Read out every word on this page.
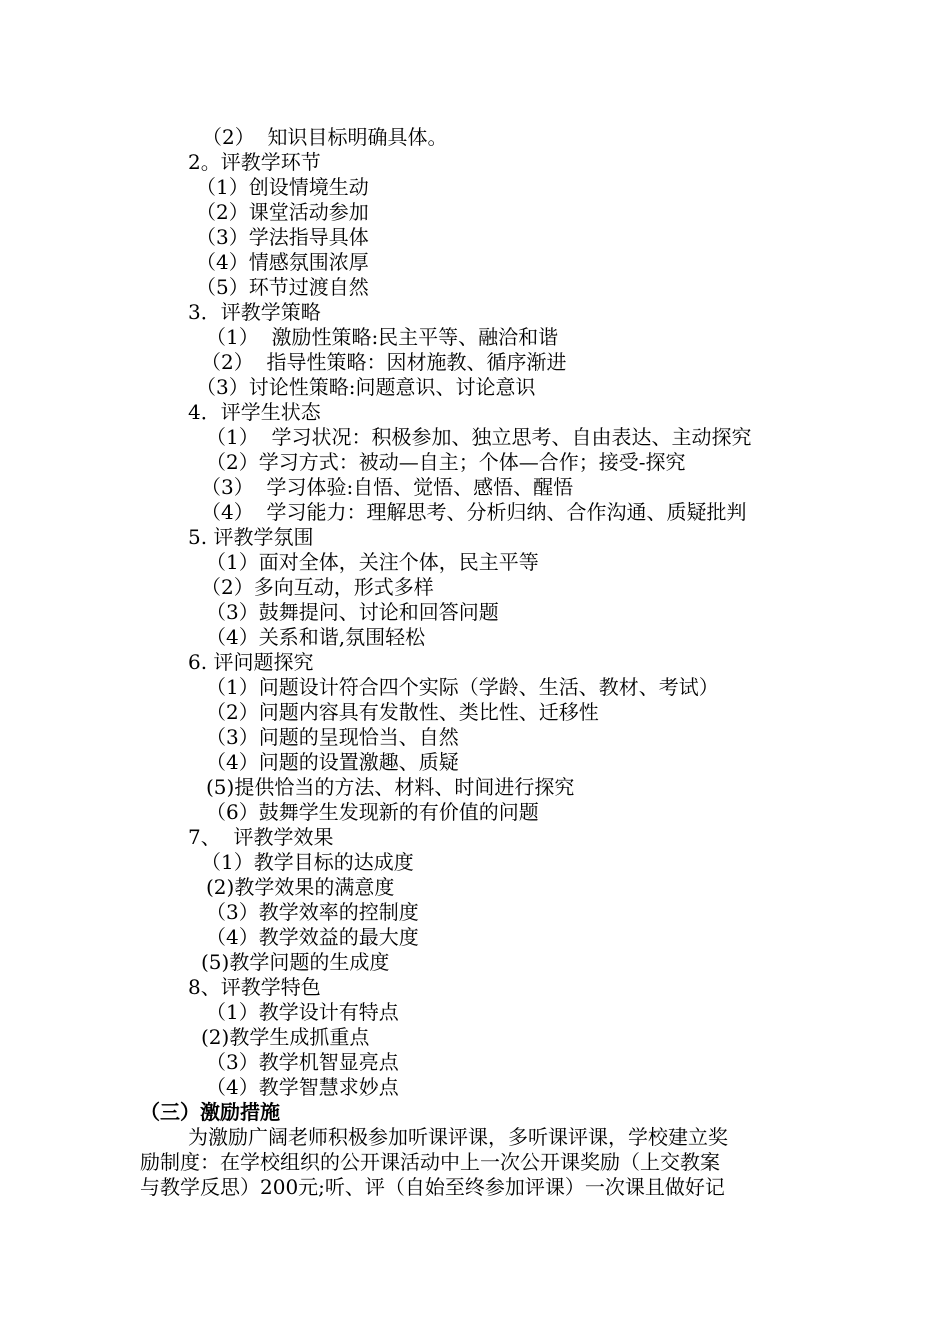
（2）  知识目标明确具体。
2。评教学环节
（1）创设情境生动
（2）课堂活动参加
（3）学法指导具体
（4）情感氛围浓厚
（5）环节过渡自然
3．评教学策略
（1）  激励性策略:民主平等、融洽和谐
（2）  指导性策略：因材施教、循序渐进
（3）讨论性策略:问题意识、讨论意识
4．评学生状态
（1）  学习状况：积极参加、独立思考、自由表达、主动探究
（2）学习方式：被动—自主；个体—合作；接受-探究
（3）  学习体验:自悟、觉悟、感悟、醒悟
（4）  学习能力：理解思考、分析归纳、合作沟通、质疑批判
5. 评教学氛围
（1）面对全体，关注个体，民主平等
（2）多向互动，形式多样
（3）鼓舞提问、讨论和回答问题
（4）关系和谐,氛围轻松
6. 评问题探究
（1）问题设计符合四个实际（学龄、生活、教材、考试）
（2）问题内容具有发散性、类比性、迁移性
（3）问题的呈现恰当、自然
（4）问题的设置激趣、质疑
(5)提供恰当的方法、材料、时间进行探究
（6）鼓舞学生发现新的有价值的问题
7、  评教学效果
（1）教学目标的达成度
(2)教学效果的满意度
（3）教学效率的控制度
（4）教学效益的最大度
(5)教学问题的生成度
8、评教学特色
（1）教学设计有特点
(2)教学生成抓重点
（3）教学机智显亮点
（4）教学智慧求妙点
（三）激励措施
为激励广阔老师积极参加听课评课，多听课评课，学校建立奖
励制度：在学校组织的公开课活动中上一次公开课奖励（上交教案
与教学反思）200元;听、评（自始至终参加评课）一次课且做好记
